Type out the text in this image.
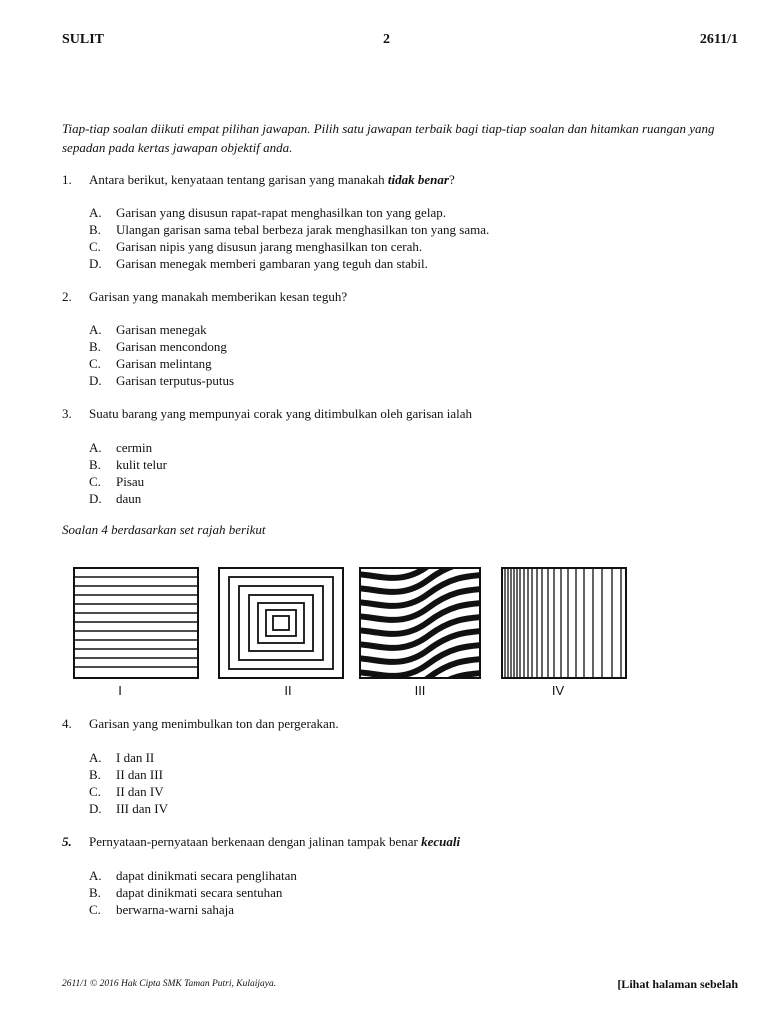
SULIT	2	2611/1
Tiap-tiap soalan diikuti empat pilihan jawapan. Pilih satu jawapan terbaik bagi tiap-tiap soalan dan hitamkan ruangan yang sepadan pada kertas jawapan objektif anda.
1. Antara berikut, kenyataan tentang garisan yang manakah tidak benar?
A. Garisan yang disusun rapat-rapat menghasilkan ton yang gelap.
B. Ulangan garisan sama tebal berbeza jarak menghasilkan ton yang sama.
C. Garisan nipis yang disusun jarang menghasilkan ton cerah.
D. Garisan menegak memberi gambaran yang teguh dan stabil.
2. Garisan yang manakah memberikan kesan teguh?
A. Garisan menegak
B. Garisan mencondong
C. Garisan melintang
D. Garisan terputus-putus
3. Suatu barang yang mempunyai corak yang ditimbulkan oleh garisan ialah
A. cermin
B. kulit telur
C. Pisau
D. daun
Soalan 4 berdasarkan set rajah berikut
I	II	III	IV
4. Garisan yang menimbulkan ton dan pergerakan.
A. I dan II
B. II dan III
C. II dan IV
D. III dan IV
5. Pernyataan-pernyataan berkenaan dengan jalinan tampak benar kecuali
A. dapat dinikmati secara penglihatan
B. dapat dinikmati secara sentuhan
C. berwarna-warni sahaja
2611/1 © 2016 Hak Cipta SMK Taman Putri, Kulaijaya.	[Lihat halaman sebelah
